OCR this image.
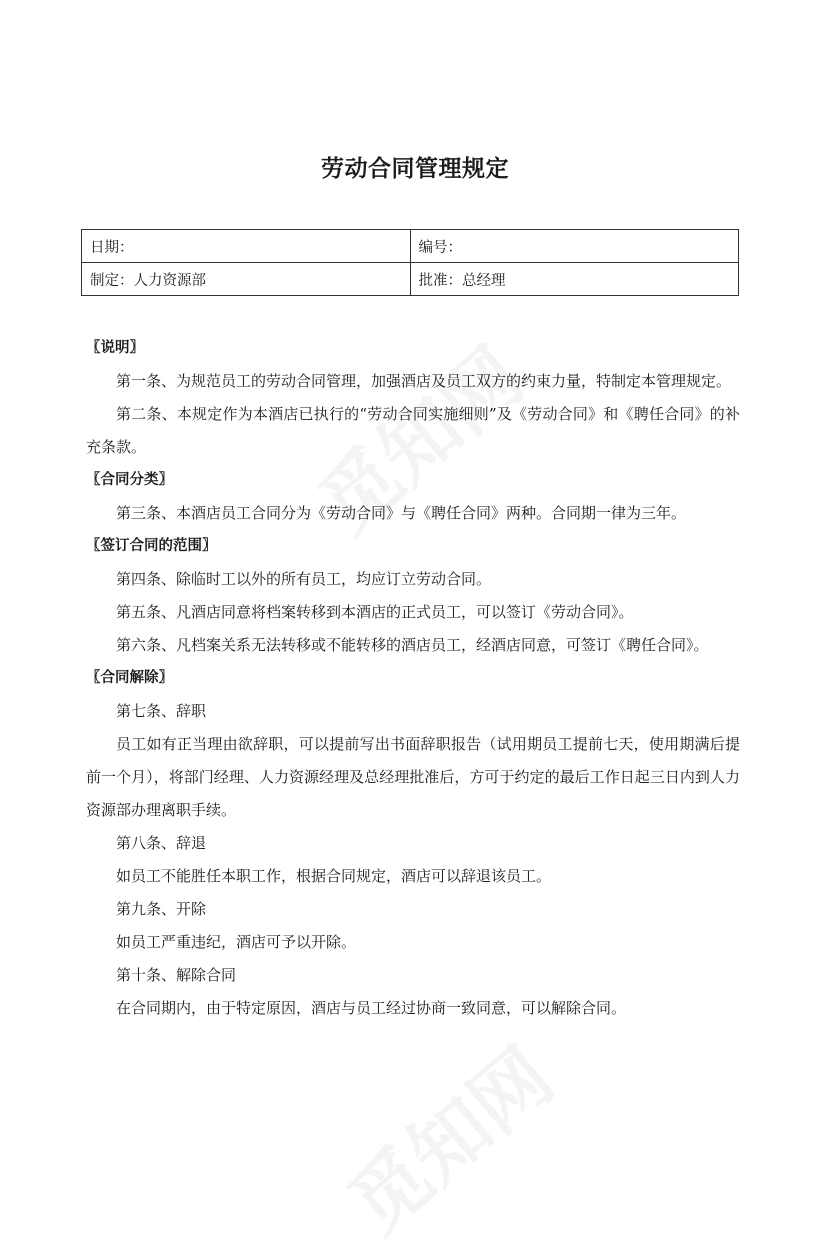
劳动合同管理规定
日期：	编号：
制定：人力资源部	批准：总经理

〖说明〗

第一条、为规范员工的劳动合同管理，加强酒店及员工双方的约束力量，特制定本管理规定。

第二条、本规定作为本酒店已执行的“劳动合同实施细则”及《劳动合同》和《聘任合同》的补充条款。

〖合同分类〗

第三条、本酒店员工合同分为《劳动合同》与《聘任合同》两种。合同期一律为三年。

〖签订合同的范围〗

第四条、除临时工以外的所有员工，均应订立劳动合同。

第五条、凡酒店同意将档案转移到本酒店的正式员工，可以签订《劳动合同》。

第六条、凡档案关系无法转移或不能转移的酒店员工，经酒店同意，可签订《聘任合同》。

〖合同解除〗

第七条、辞职

员工如有正当理由欲辞职，可以提前写出书面辞职报告（试用期员工提前七天，使用期满后提前一个月），将部门经理、人力资源经理及总经理批准后，方可于约定的最后工作日起三日内到人力资源部办理离职手续。

第八条、辞退

如员工不能胜任本职工作，根据合同规定，酒店可以辞退该员工。

第九条、开除

如员工严重违纪，酒店可予以开除。

第十条、解除合同

在合同期内，由于特定原因，酒店与员工经过协商一致同意，可以解除合同。
